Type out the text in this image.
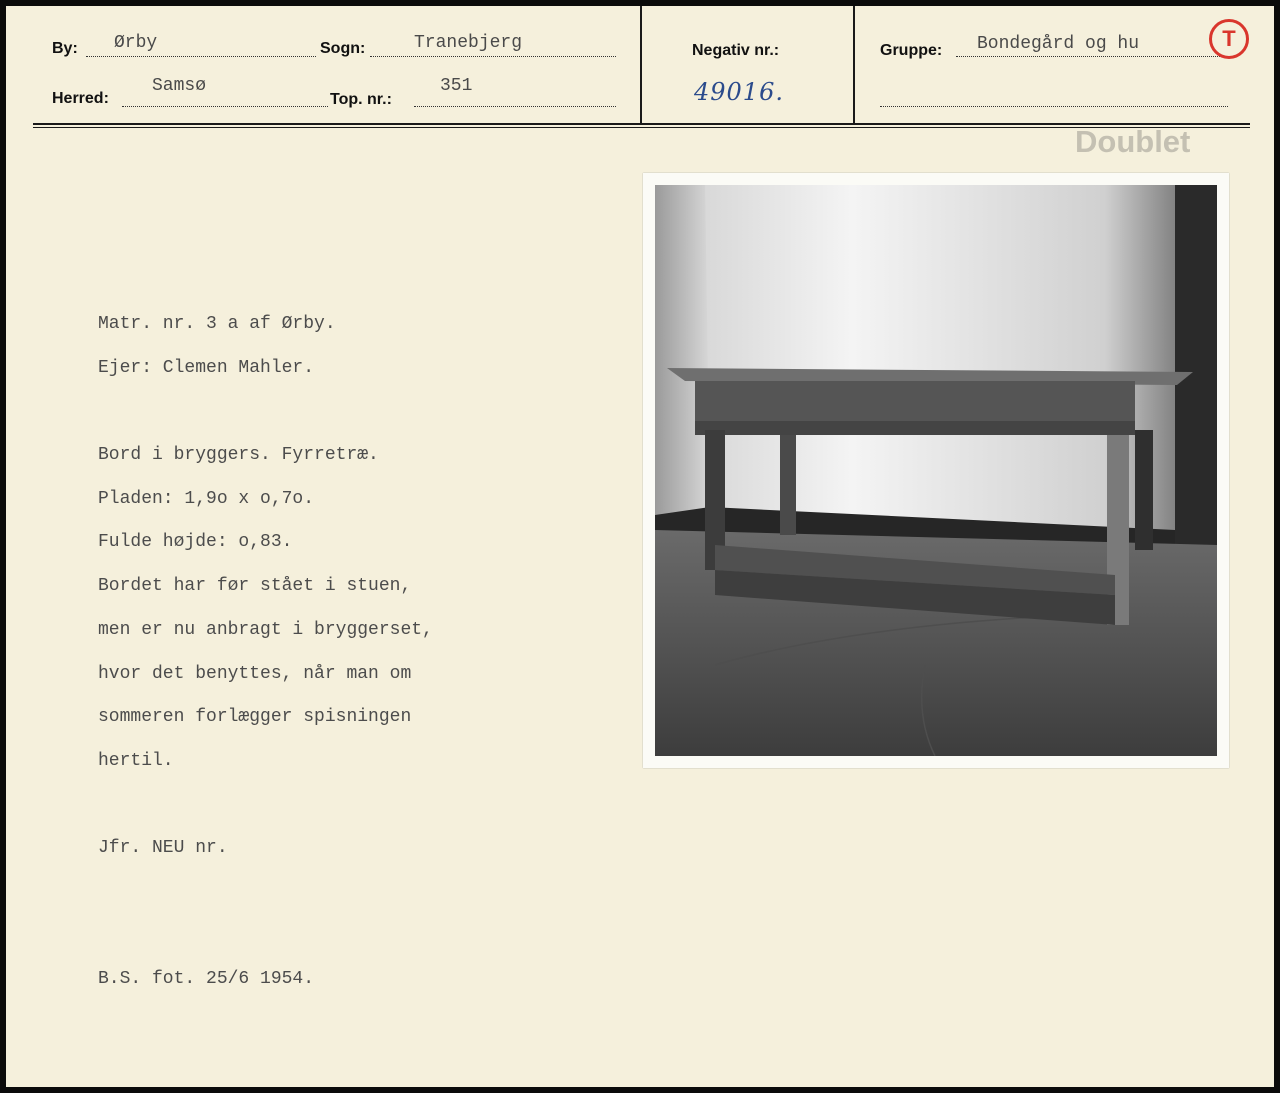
By: Ørby	Sogn:	Tranebjerg
Herred:
Samsø
Top. nr.:
351
Negativ nr.:
49016.
Gruppe: Bondegård og hu	T
Doublet
Matr. nr. 3 a af Ørby.
Ejer: Clemen Mahler.
Bord i bryggers. Fyrretræ.
Pladen: 1,9o x o,7o.
Fulde højde: o,83.
Bordet har før stået i stuen,
men er nu anbragt i bryggerset,
hvor det benyttes, når man om
sommeren forlægger spisningen
hertil.
Jfr. NEU nr.
B.S. fot. 25/6 1954.
